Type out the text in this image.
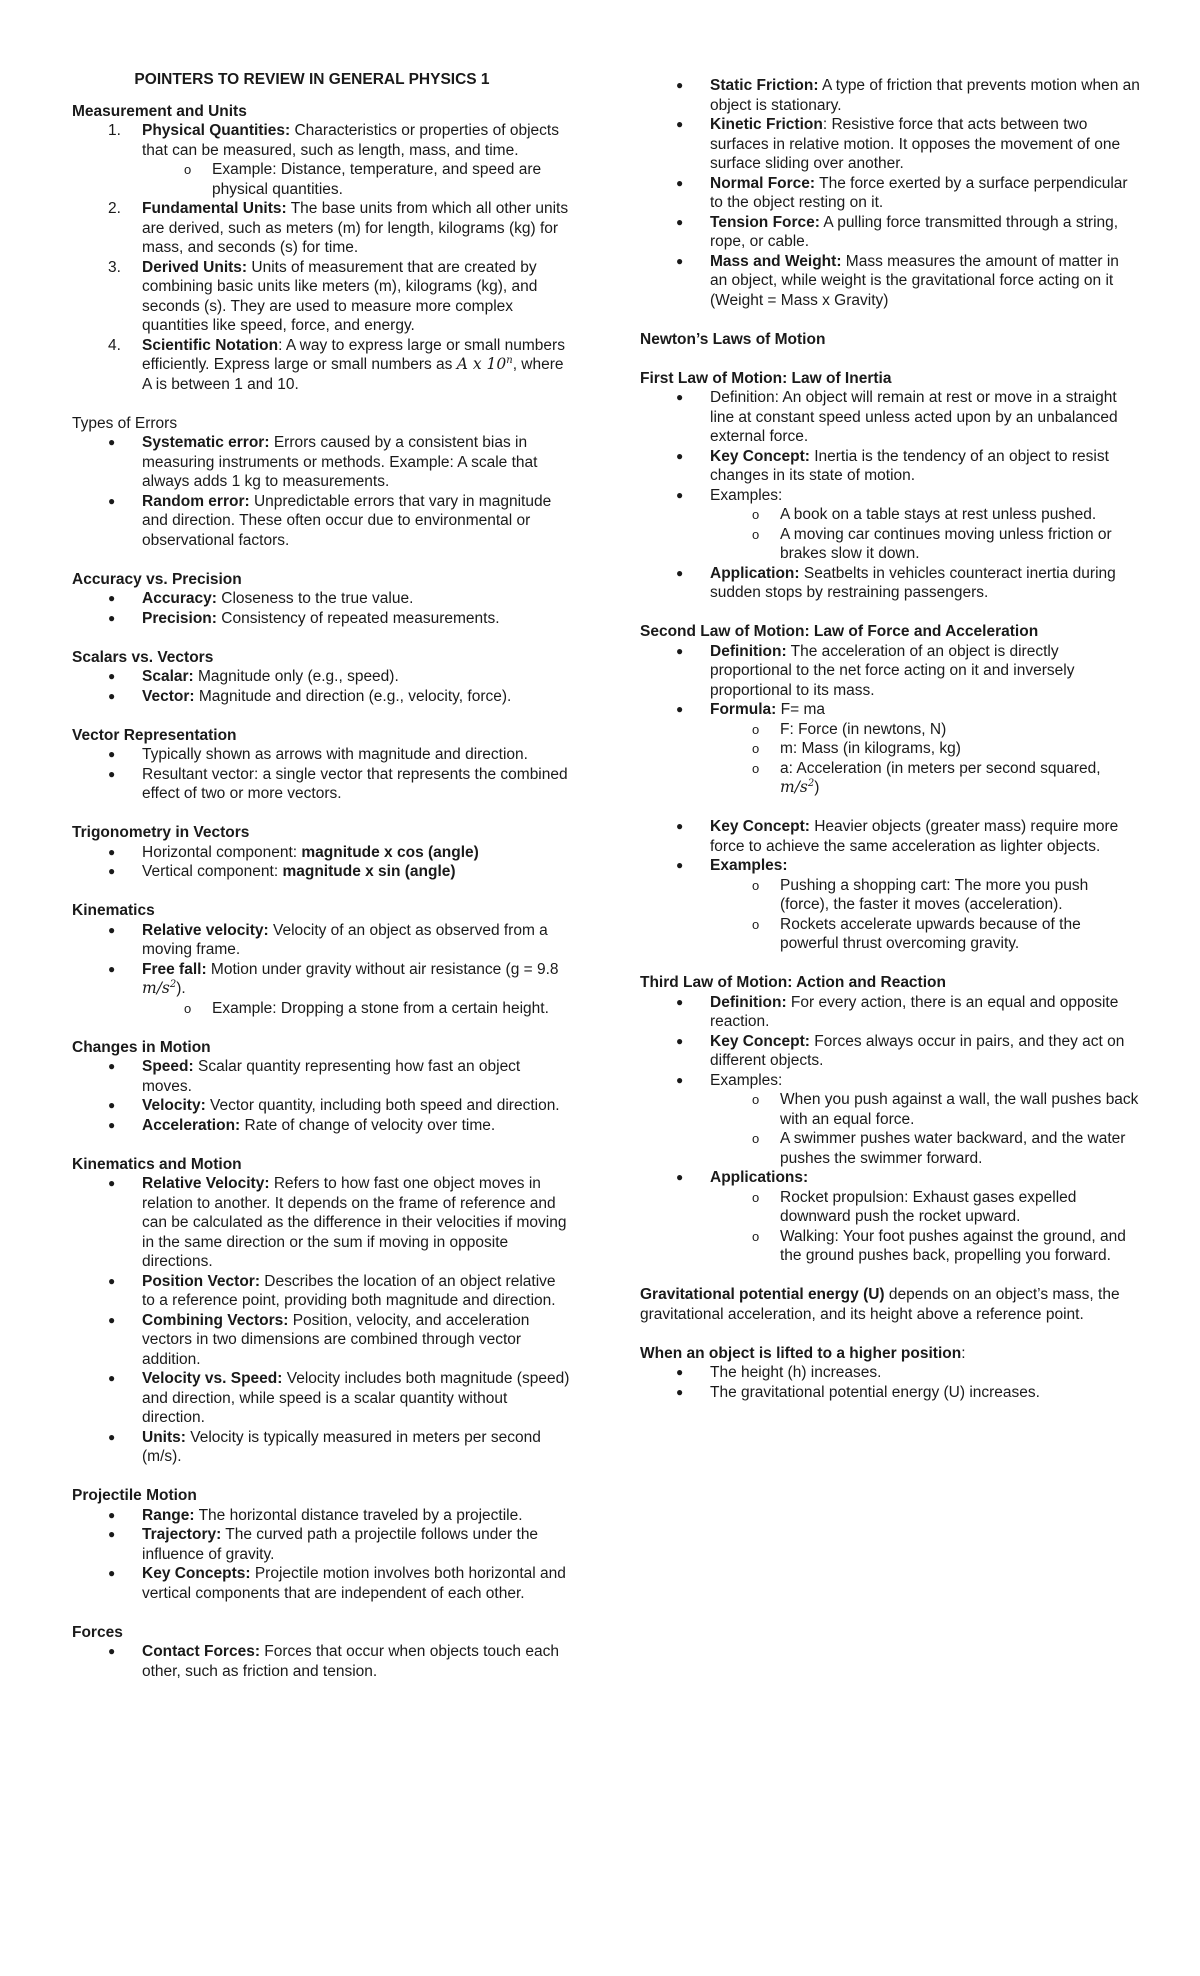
POINTERS TO REVIEW IN GENERAL PHYSICS 1
Measurement and Units
1. Physical Quantities: Characteristics or properties of objects that can be measured, such as length, mass, and time.
o Example: Distance, temperature, and speed are physical quantities.
2. Fundamental Units: The base units from which all other units are derived, such as meters (m) for length, kilograms (kg) for mass, and seconds (s) for time.
3. Derived Units: Units of measurement that are created by combining basic units like meters (m), kilograms (kg), and seconds (s). They are used to measure more complex quantities like speed, force, and energy.
4. Scientific Notation: A way to express large or small numbers efficiently. Express large or small numbers as A x 10$^n$, where A is between 1 and 10.
Types of Errors
● Systematic error: Errors caused by a consistent bias in measuring instruments or methods. Example: A scale that always adds 1 kg to measurements.
● Random error: Unpredictable errors that vary in magnitude and direction. These often occur due to environmental or observational factors.
Accuracy vs. Precision
● Accuracy: Closeness to the true value.
● Precision: Consistency of repeated measurements.
Scalars vs. Vectors
● Scalar: Magnitude only (e.g., speed).
● Vector: Magnitude and direction (e.g., velocity, force).
Vector Representation
● Typically shown as arrows with magnitude and direction.
● Resultant vector: a single vector that represents the combined effect of two or more vectors.
Trigonometry in Vectors
● Horizontal component: magnitude x cos (angle)
● Vertical component: magnitude x sin (angle)
Kinematics
● Relative velocity: Velocity of an object as observed from a moving frame.
● Free fall: Motion under gravity without air resistance (g = 9.8 $m/s^2$).
o Example: Dropping a stone from a certain height.
Changes in Motion
● Speed: Scalar quantity representing how fast an object moves.
● Velocity: Vector quantity, including both speed and direction.
● Acceleration: Rate of change of velocity over time.
Kinematics and Motion
● Relative Velocity: Refers to how fast one object moves in relation to another. It depends on the frame of reference and can be calculated as the difference in their velocities if moving in the same direction or the sum if moving in opposite directions.
● Position Vector: Describes the location of an object relative to a reference point, providing both magnitude and direction.
● Combining Vectors: Position, velocity, and acceleration vectors in two dimensions are combined through vector addition.
● Velocity vs. Speed: Velocity includes both magnitude (speed) and direction, while speed is a scalar quantity without direction.
● Units: Velocity is typically measured in meters per second (m/s).
Projectile Motion
● Range: The horizontal distance traveled by a projectile.
● Trajectory: The curved path a projectile follows under the influence of gravity.
● Key Concepts: Projectile motion involves both horizontal and vertical components that are independent of each other.
Forces
● Contact Forces: Forces that occur when objects touch each other, such as friction and tension.
● Static Friction: A type of friction that prevents motion when an object is stationary.
● Kinetic Friction: Resistive force that acts between two surfaces in relative motion. It opposes the movement of one surface sliding over another.
● Normal Force: The force exerted by a surface perpendicular to the object resting on it.
● Tension Force: A pulling force transmitted through a string, rope, or cable.
● Mass and Weight: Mass measures the amount of matter in an object, while weight is the gravitational force acting on it (Weight = Mass x Gravity)
Newton’s Laws of Motion
First Law of Motion: Law of Inertia
● Definition: An object will remain at rest or move in a straight line at constant speed unless acted upon by an unbalanced external force.
● Key Concept: Inertia is the tendency of an object to resist changes in its state of motion.
● Examples:
o A book on a table stays at rest unless pushed.
o A moving car continues moving unless friction or brakes slow it down.
● Application: Seatbelts in vehicles counteract inertia during sudden stops by restraining passengers.
Second Law of Motion: Law of Force and Acceleration
● Definition: The acceleration of an object is directly proportional to the net force acting on it and inversely proportional to its mass.
● Formula: F= ma
o F: Force (in newtons, N)
o m: Mass (in kilograms, kg)
o a: Acceleration (in meters per second squared, $m/s^2$)
● Key Concept: Heavier objects (greater mass) require more force to achieve the same acceleration as lighter objects.
● Examples:
o Pushing a shopping cart: The more you push (force), the faster it moves (acceleration).
o Rockets accelerate upwards because of the powerful thrust overcoming gravity.
Third Law of Motion: Action and Reaction
● Definition: For every action, there is an equal and opposite reaction.
● Key Concept: Forces always occur in pairs, and they act on different objects.
● Examples:
o When you push against a wall, the wall pushes back with an equal force.
o A swimmer pushes water backward, and the water pushes the swimmer forward.
● Applications:
o Rocket propulsion: Exhaust gases expelled downward push the rocket upward.
o Walking: Your foot pushes against the ground, and the ground pushes back, propelling you forward.
Gravitational potential energy (U) depends on an object’s mass, the gravitational acceleration, and its height above a reference point.
When an object is lifted to a higher position:
● The height (h) increases.
● The gravitational potential energy (U) increases.
